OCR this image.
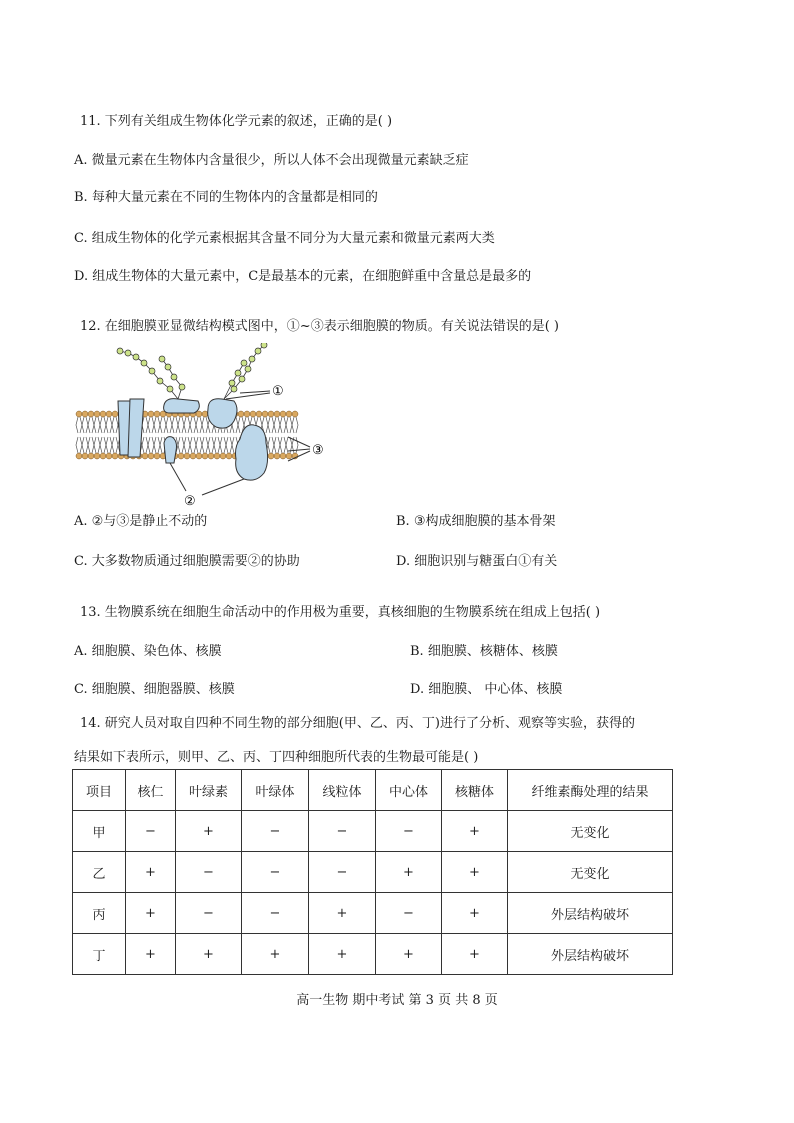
11. 下列有关组成生物体化学元素的叙述，正确的是( )
A. 微量元素在生物体内含量很少，所以人体不会出现微量元素缺乏症
B. 每种大量元素在不同的生物体内的含量都是相同的
C. 组成生物体的化学元素根据其含量不同分为大量元素和微量元素两大类
D. 组成生物体的大量元素中，C是最基本的元素，在细胞鲜重中含量总是最多的
12. 在细胞膜亚显微结构模式图中，①~③表示细胞膜的物质。有关说法错误的是( )
①
③
②
A. ②与③是静止不动的	B. ③构成细胞膜的基本骨架
C. 大多数物质通过细胞膜需要②的协助	D. 细胞识别与糖蛋白①有关
13. 生物膜系统在细胞生命活动中的作用极为重要，真核细胞的生物膜系统在组成上包括( )
A. 细胞膜、染色体、核膜	B. 细胞膜、核糖体、核膜
C. 细胞膜、细胞器膜、核膜	D. 细胞膜、 中心体、核膜
14. 研究人员对取自四种不同生物的部分细胞(甲、乙、丙、丁)进行了分析、观察等实验，获得的
结果如下表所示，则甲、乙、丙、丁四种细胞所代表的生物最可能是( )
项目	核仁	叶绿素	叶绿体	线粒体	中心体	核糖体	纤维素酶处理的结果
甲	−	+	−	−	−	+	无变化
乙	+	−	−	−	+	+	无变化
丙	+	−	−	+	−	+	外层结构破坏
丁	+	+	+	+	+	+	外层结构破坏
高一生物 期中考试 第 3 页 共 8 页
